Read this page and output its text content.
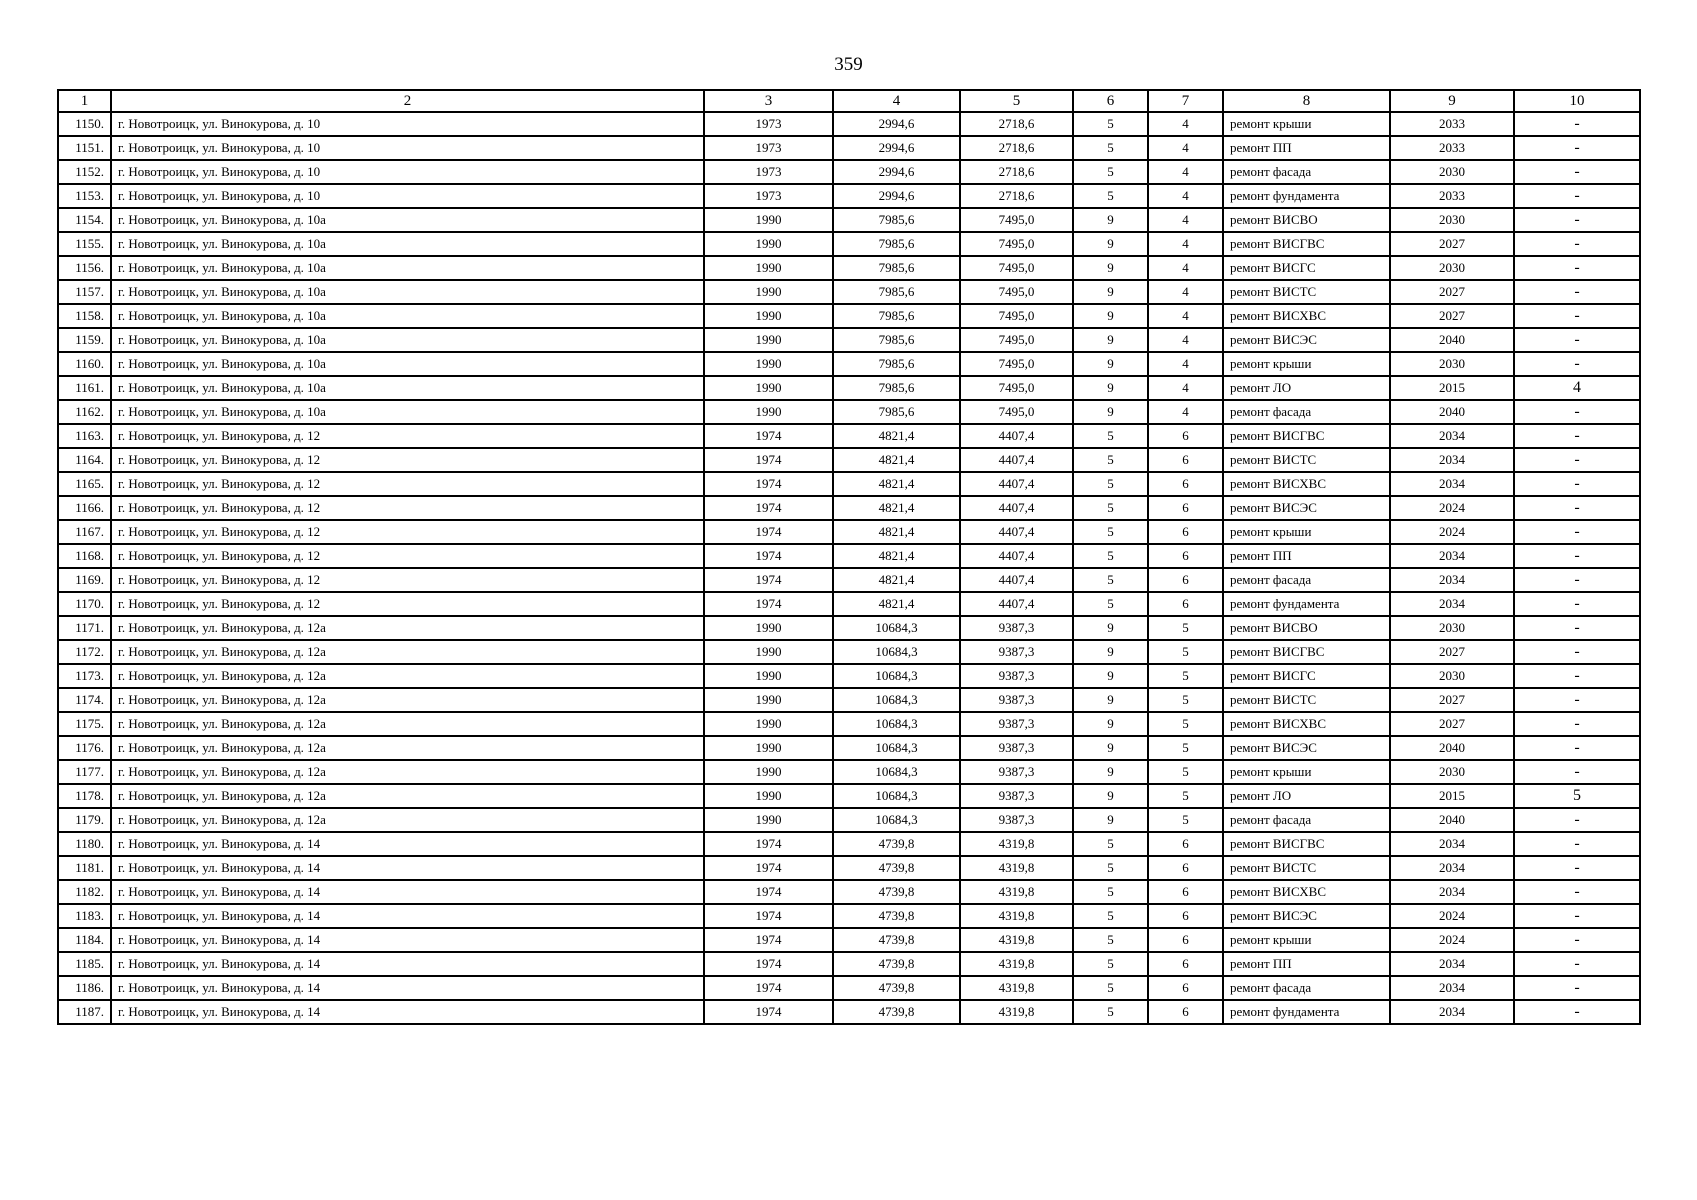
359
1	2	3	4	5	6	7	8	9	10
1150.	г. Новотроицк, ул. Винокурова, д. 10	1973	2994,6	2718,6	5	4	ремонт крыши	2033	-
1151.	г. Новотроицк, ул. Винокурова, д. 10	1973	2994,6	2718,6	5	4	ремонт ПП	2033	-
1152.	г. Новотроицк, ул. Винокурова, д. 10	1973	2994,6	2718,6	5	4	ремонт фасада	2030	-
1153.	г. Новотроицк, ул. Винокурова, д. 10	1973	2994,6	2718,6	5	4	ремонт фундамента	2033	-
1154.	г. Новотроицк, ул. Винокурова, д. 10а	1990	7985,6	7495,0	9	4	ремонт ВИСВО	2030	-
1155.	г. Новотроицк, ул. Винокурова, д. 10а	1990	7985,6	7495,0	9	4	ремонт ВИСГВС	2027	-
1156.	г. Новотроицк, ул. Винокурова, д. 10а	1990	7985,6	7495,0	9	4	ремонт ВИСГС	2030	-
1157.	г. Новотроицк, ул. Винокурова, д. 10а	1990	7985,6	7495,0	9	4	ремонт ВИСТС	2027	-
1158.	г. Новотроицк, ул. Винокурова, д. 10а	1990	7985,6	7495,0	9	4	ремонт ВИСХВС	2027	-
1159.	г. Новотроицк, ул. Винокурова, д. 10а	1990	7985,6	7495,0	9	4	ремонт ВИСЭС	2040	-
1160.	г. Новотроицк, ул. Винокурова, д. 10а	1990	7985,6	7495,0	9	4	ремонт крыши	2030	-
1161.	г. Новотроицк, ул. Винокурова, д. 10а	1990	7985,6	7495,0	9	4	ремонт ЛО	2015	4
1162.	г. Новотроицк, ул. Винокурова, д. 10а	1990	7985,6	7495,0	9	4	ремонт фасада	2040	-
1163.	г. Новотроицк, ул. Винокурова, д. 12	1974	4821,4	4407,4	5	6	ремонт ВИСГВС	2034	-
1164.	г. Новотроицк, ул. Винокурова, д. 12	1974	4821,4	4407,4	5	6	ремонт ВИСТС	2034	-
1165.	г. Новотроицк, ул. Винокурова, д. 12	1974	4821,4	4407,4	5	6	ремонт ВИСХВС	2034	-
1166.	г. Новотроицк, ул. Винокурова, д. 12	1974	4821,4	4407,4	5	6	ремонт ВИСЭС	2024	-
1167.	г. Новотроицк, ул. Винокурова, д. 12	1974	4821,4	4407,4	5	6	ремонт крыши	2024	-
1168.	г. Новотроицк, ул. Винокурова, д. 12	1974	4821,4	4407,4	5	6	ремонт ПП	2034	-
1169.	г. Новотроицк, ул. Винокурова, д. 12	1974	4821,4	4407,4	5	6	ремонт фасада	2034	-
1170.	г. Новотроицк, ул. Винокурова, д. 12	1974	4821,4	4407,4	5	6	ремонт фундамента	2034	-
1171.	г. Новотроицк, ул. Винокурова, д. 12а	1990	10684,3	9387,3	9	5	ремонт ВИСВО	2030	-
1172.	г. Новотроицк, ул. Винокурова, д. 12а	1990	10684,3	9387,3	9	5	ремонт ВИСГВС	2027	-
1173.	г. Новотроицк, ул. Винокурова, д. 12а	1990	10684,3	9387,3	9	5	ремонт ВИСГС	2030	-
1174.	г. Новотроицк, ул. Винокурова, д. 12а	1990	10684,3	9387,3	9	5	ремонт ВИСТС	2027	-
1175.	г. Новотроицк, ул. Винокурова, д. 12а	1990	10684,3	9387,3	9	5	ремонт ВИСХВС	2027	-
1176.	г. Новотроицк, ул. Винокурова, д. 12а	1990	10684,3	9387,3	9	5	ремонт ВИСЭС	2040	-
1177.	г. Новотроицк, ул. Винокурова, д. 12а	1990	10684,3	9387,3	9	5	ремонт крыши	2030	-
1178.	г. Новотроицк, ул. Винокурова, д. 12а	1990	10684,3	9387,3	9	5	ремонт ЛО	2015	5
1179.	г. Новотроицк, ул. Винокурова, д. 12а	1990	10684,3	9387,3	9	5	ремонт фасада	2040	-
1180.	г. Новотроицк, ул. Винокурова, д. 14	1974	4739,8	4319,8	5	6	ремонт ВИСГВС	2034	-
1181.	г. Новотроицк, ул. Винокурова, д. 14	1974	4739,8	4319,8	5	6	ремонт ВИСТС	2034	-
1182.	г. Новотроицк, ул. Винокурова, д. 14	1974	4739,8	4319,8	5	6	ремонт ВИСХВС	2034	-
1183.	г. Новотроицк, ул. Винокурова, д. 14	1974	4739,8	4319,8	5	6	ремонт ВИСЭС	2024	-
1184.	г. Новотроицк, ул. Винокурова, д. 14	1974	4739,8	4319,8	5	6	ремонт крыши	2024	-
1185.	г. Новотроицк, ул. Винокурова, д. 14	1974	4739,8	4319,8	5	6	ремонт ПП	2034	-
1186.	г. Новотроицк, ул. Винокурова, д. 14	1974	4739,8	4319,8	5	6	ремонт фасада	2034	-
1187.	г. Новотроицк, ул. Винокурова, д. 14	1974	4739,8	4319,8	5	6	ремонт фундамента	2034	-
